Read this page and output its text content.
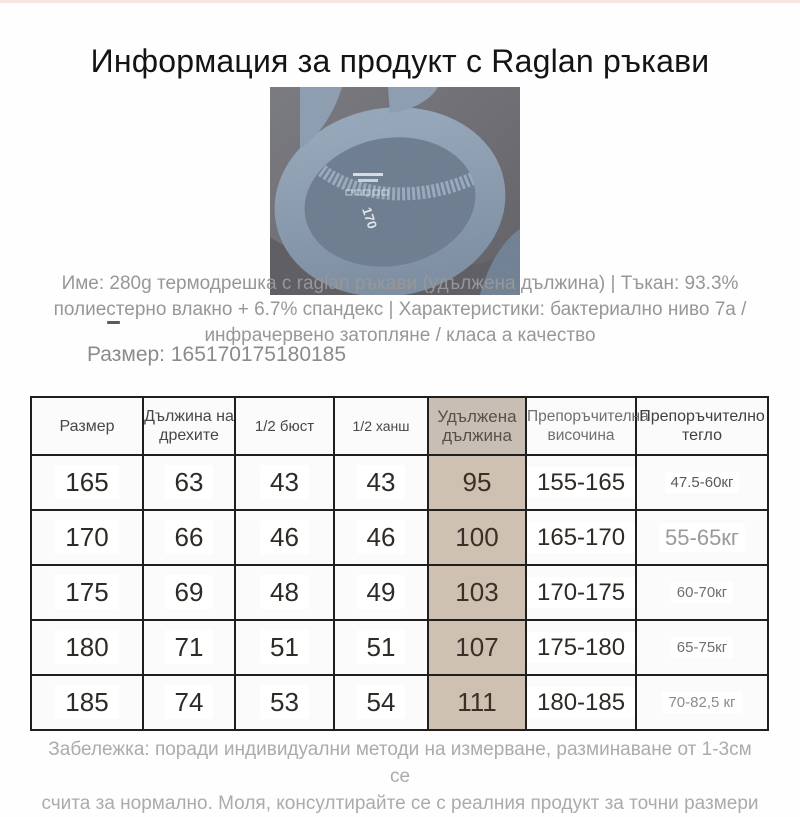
Информация за продукт с Raglan ръкави
170
Име: 280g термодрешка с raglan ръкави (удължена дължина) | Тъкан: 93.3%
полиестерно влакно + 6.7% спандекс | Характеристики: бактериално ниво 7а /
инфрачервено затопляне / класа а качество
Размер: 165170175180185
Размер	Дължина на дрехите	1/2 бюст	1/2 ханш	Удължена дължина	Препоръчителна височина	Препоръчително тегло
165	63	43	43	95	155-165	47.5-60кг
170	66	46	46	100	165-170	55-65кг
175	69	48	49	103	170-175	60-70кг
180	71	51	51	107	175-180	65-75кг
185	74	53	54	111	180-185	70-82,5 кг
Забележка: поради индивидуални методи на измерване, разминаване от 1-3см се
счита за нормално. Моля, консултирайте се с реалния продукт за точни размери
